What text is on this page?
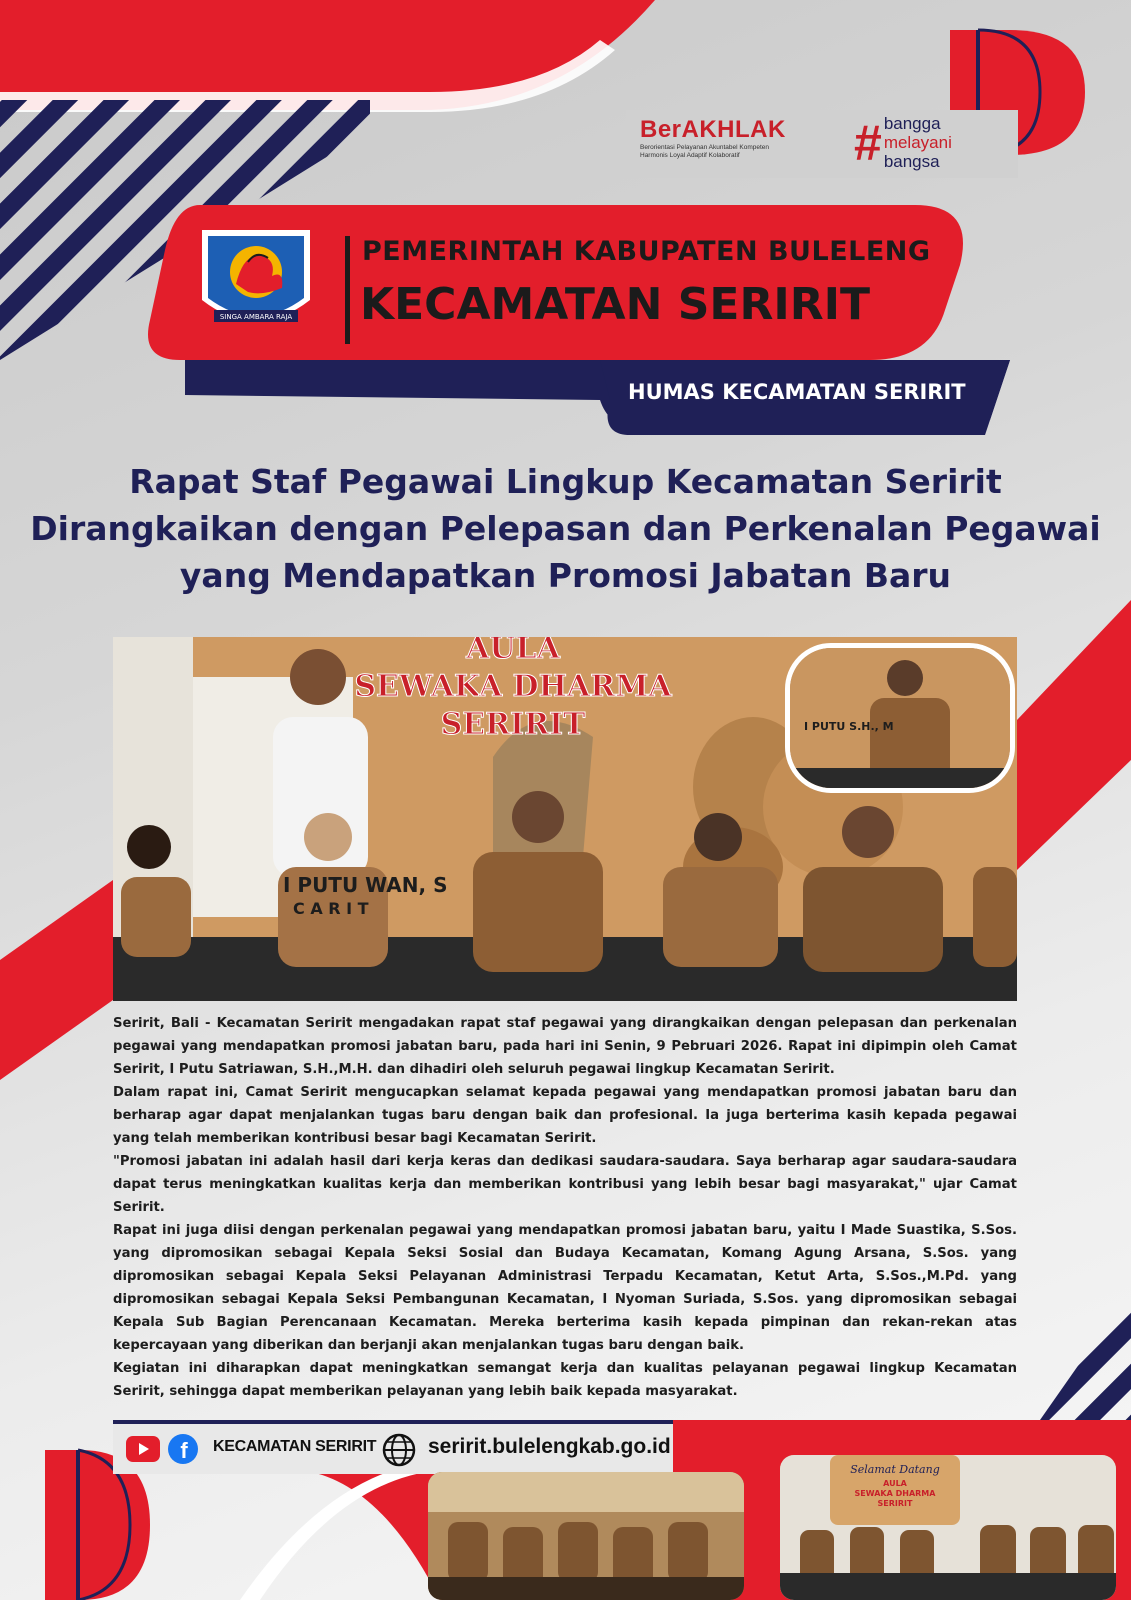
BerAKHLAK
Berorientasi Pelayanan Akuntabel Kompeten
Harmonis Loyal Adaptif Kolaboratif	# bangga
melayani
bangsa
SINGA AMBARA RAJA
PEMERINTAH KABUPATEN BULELENG
KECAMATAN SERIRIT
HUMAS KECAMATAN SERIRIT
Rapat Staf Pegawai Lingkup Kecamatan Seririt Dirangkaikan dengan Pelepasan dan Perkenalan Pegawai yang Mendapatkan Promosi Jabatan Baru
AULA
SEWAKA DHARMA
SERIRIT
I PUTU WAN, S
C A R I T
I PUTU S.H., M

Seririt, Bali - Kecamatan Seririt mengadakan rapat staf pegawai yang dirangkaikan dengan pelepasan dan perkenalan pegawai yang mendapatkan promosi jabatan baru, pada hari ini Senin, 9 Pebruari 2026. Rapat ini dipimpin oleh Camat Seririt, I Putu Satriawan, S.H.,M.H. dan dihadiri oleh seluruh pegawai lingkup Kecamatan Seririt.

Dalam rapat ini, Camat Seririt mengucapkan selamat kepada pegawai yang mendapatkan promosi jabatan baru dan berharap agar dapat menjalankan tugas baru dengan baik dan profesional. Ia juga berterima kasih kepada pegawai yang telah memberikan kontribusi besar bagi Kecamatan Seririt.

"Promosi jabatan ini adalah hasil dari kerja keras dan dedikasi saudara-saudara. Saya berharap agar saudara-saudara dapat terus meningkatkan kualitas kerja dan memberikan kontribusi yang lebih besar bagi masyarakat," ujar Camat Seririt.

Rapat ini juga diisi dengan perkenalan pegawai yang mendapatkan promosi jabatan baru, yaitu I Made Suastika, S.Sos. yang dipromosikan sebagai Kepala Seksi Sosial dan Budaya Kecamatan, Komang Agung Arsana, S.Sos. yang dipromosikan sebagai Kepala Seksi Pelayanan Administrasi Terpadu Kecamatan, Ketut Arta, S.Sos.,M.Pd. yang dipromosikan sebagai Kepala Seksi Pembangunan Kecamatan, I Nyoman Suriada, S.Sos. yang dipromosikan sebagai Kepala Sub Bagian Perencanaan Kecamatan. Mereka berterima kasih kepada pimpinan dan rekan-rekan atas kepercayaan yang diberikan dan berjanji akan menjalankan tugas baru dengan baik.

Kegiatan ini diharapkan dapat meningkatkan semangat kerja dan kualitas pelayanan pegawai lingkup Kecamatan Seririt, sehingga dapat memberikan pelayanan yang lebih baik kepada masyarakat.

f KECAMATAN SERIRIT seririt.bulelengkab.go.id
Selamat Datang
AULA
SEWAKA DHARMA
SERIRIT
